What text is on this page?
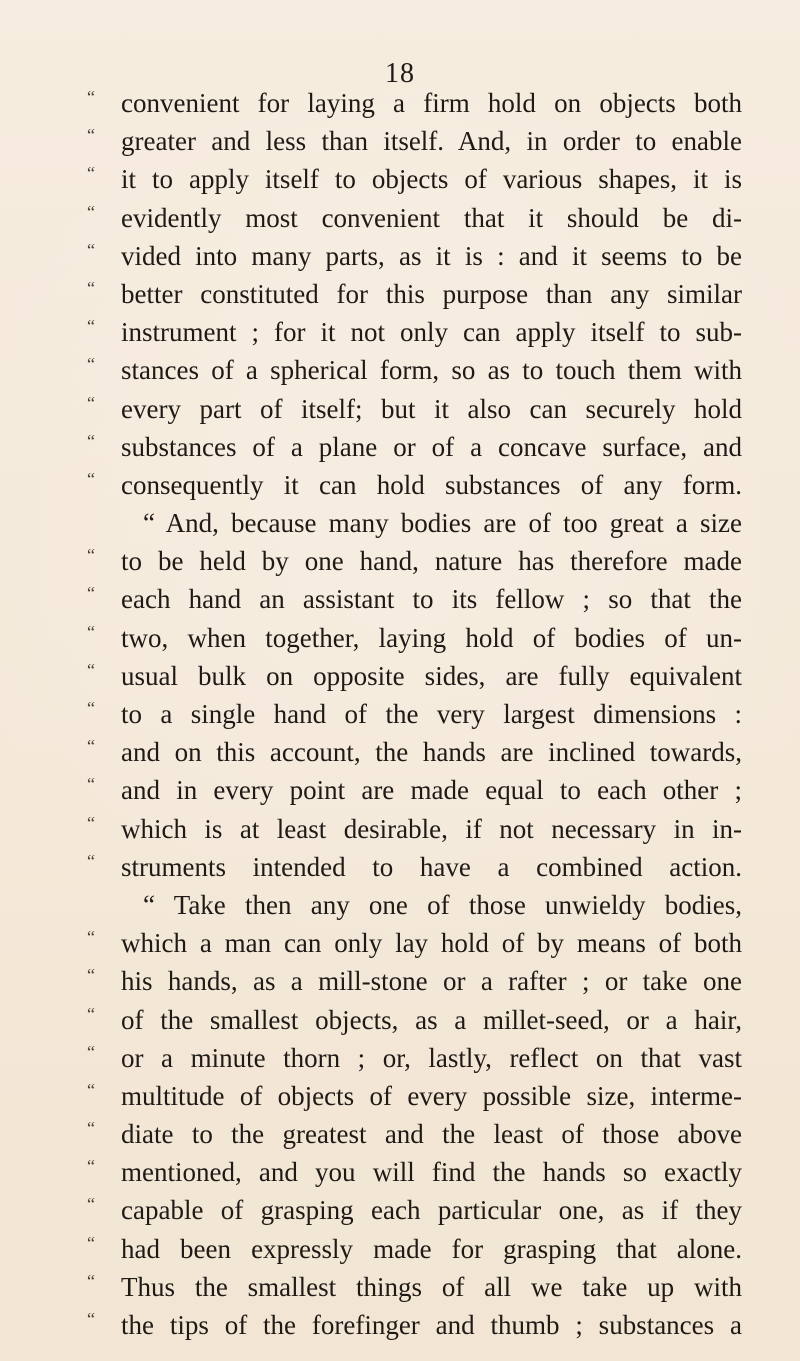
18
“ convenient for laying a firm hold on objects both
“ greater and less than itself. And, in order to enable
“ it to apply itself to objects of various shapes, it is
“ evidently most convenient that it should be di-
“ vided into many parts, as it is : and it seems to be
“ better constituted for this purpose than any similar
“ instrument ; for it not only can apply itself to sub-
“ stances of a spherical form, so as to touch them with
“ every part of itself; but it also can securely hold
“ substances of a plane or of a concave surface, and
“ consequently it can hold substances of any form.
“ And, because many bodies are of too great a size
“ to be held by one hand, nature has therefore made
“ each hand an assistant to its fellow ; so that the
“ two, when together, laying hold of bodies of un-
“ usual bulk on opposite sides, are fully equivalent
“ to a single hand of the very largest dimensions :
“ and on this account, the hands are inclined towards,
“ and in every point are made equal to each other ;
“ which is at least desirable, if not necessary in in-
“ struments intended to have a combined action.
“ Take then any one of those unwieldy bodies,
“ which a man can only lay hold of by means of both
“ his hands, as a mill-stone or a rafter ; or take one
“ of the smallest objects, as a millet-seed, or a hair,
“ or a minute thorn ; or, lastly, reflect on that vast
“ multitude of objects of every possible size, interme-
“ diate to the greatest and the least of those above
“ mentioned, and you will find the hands so exactly
“ capable of grasping each particular one, as if they
“ had been expressly made for grasping that alone.
“ Thus the smallest things of all we take up with
“ the tips of the forefinger and thumb ; substances a
